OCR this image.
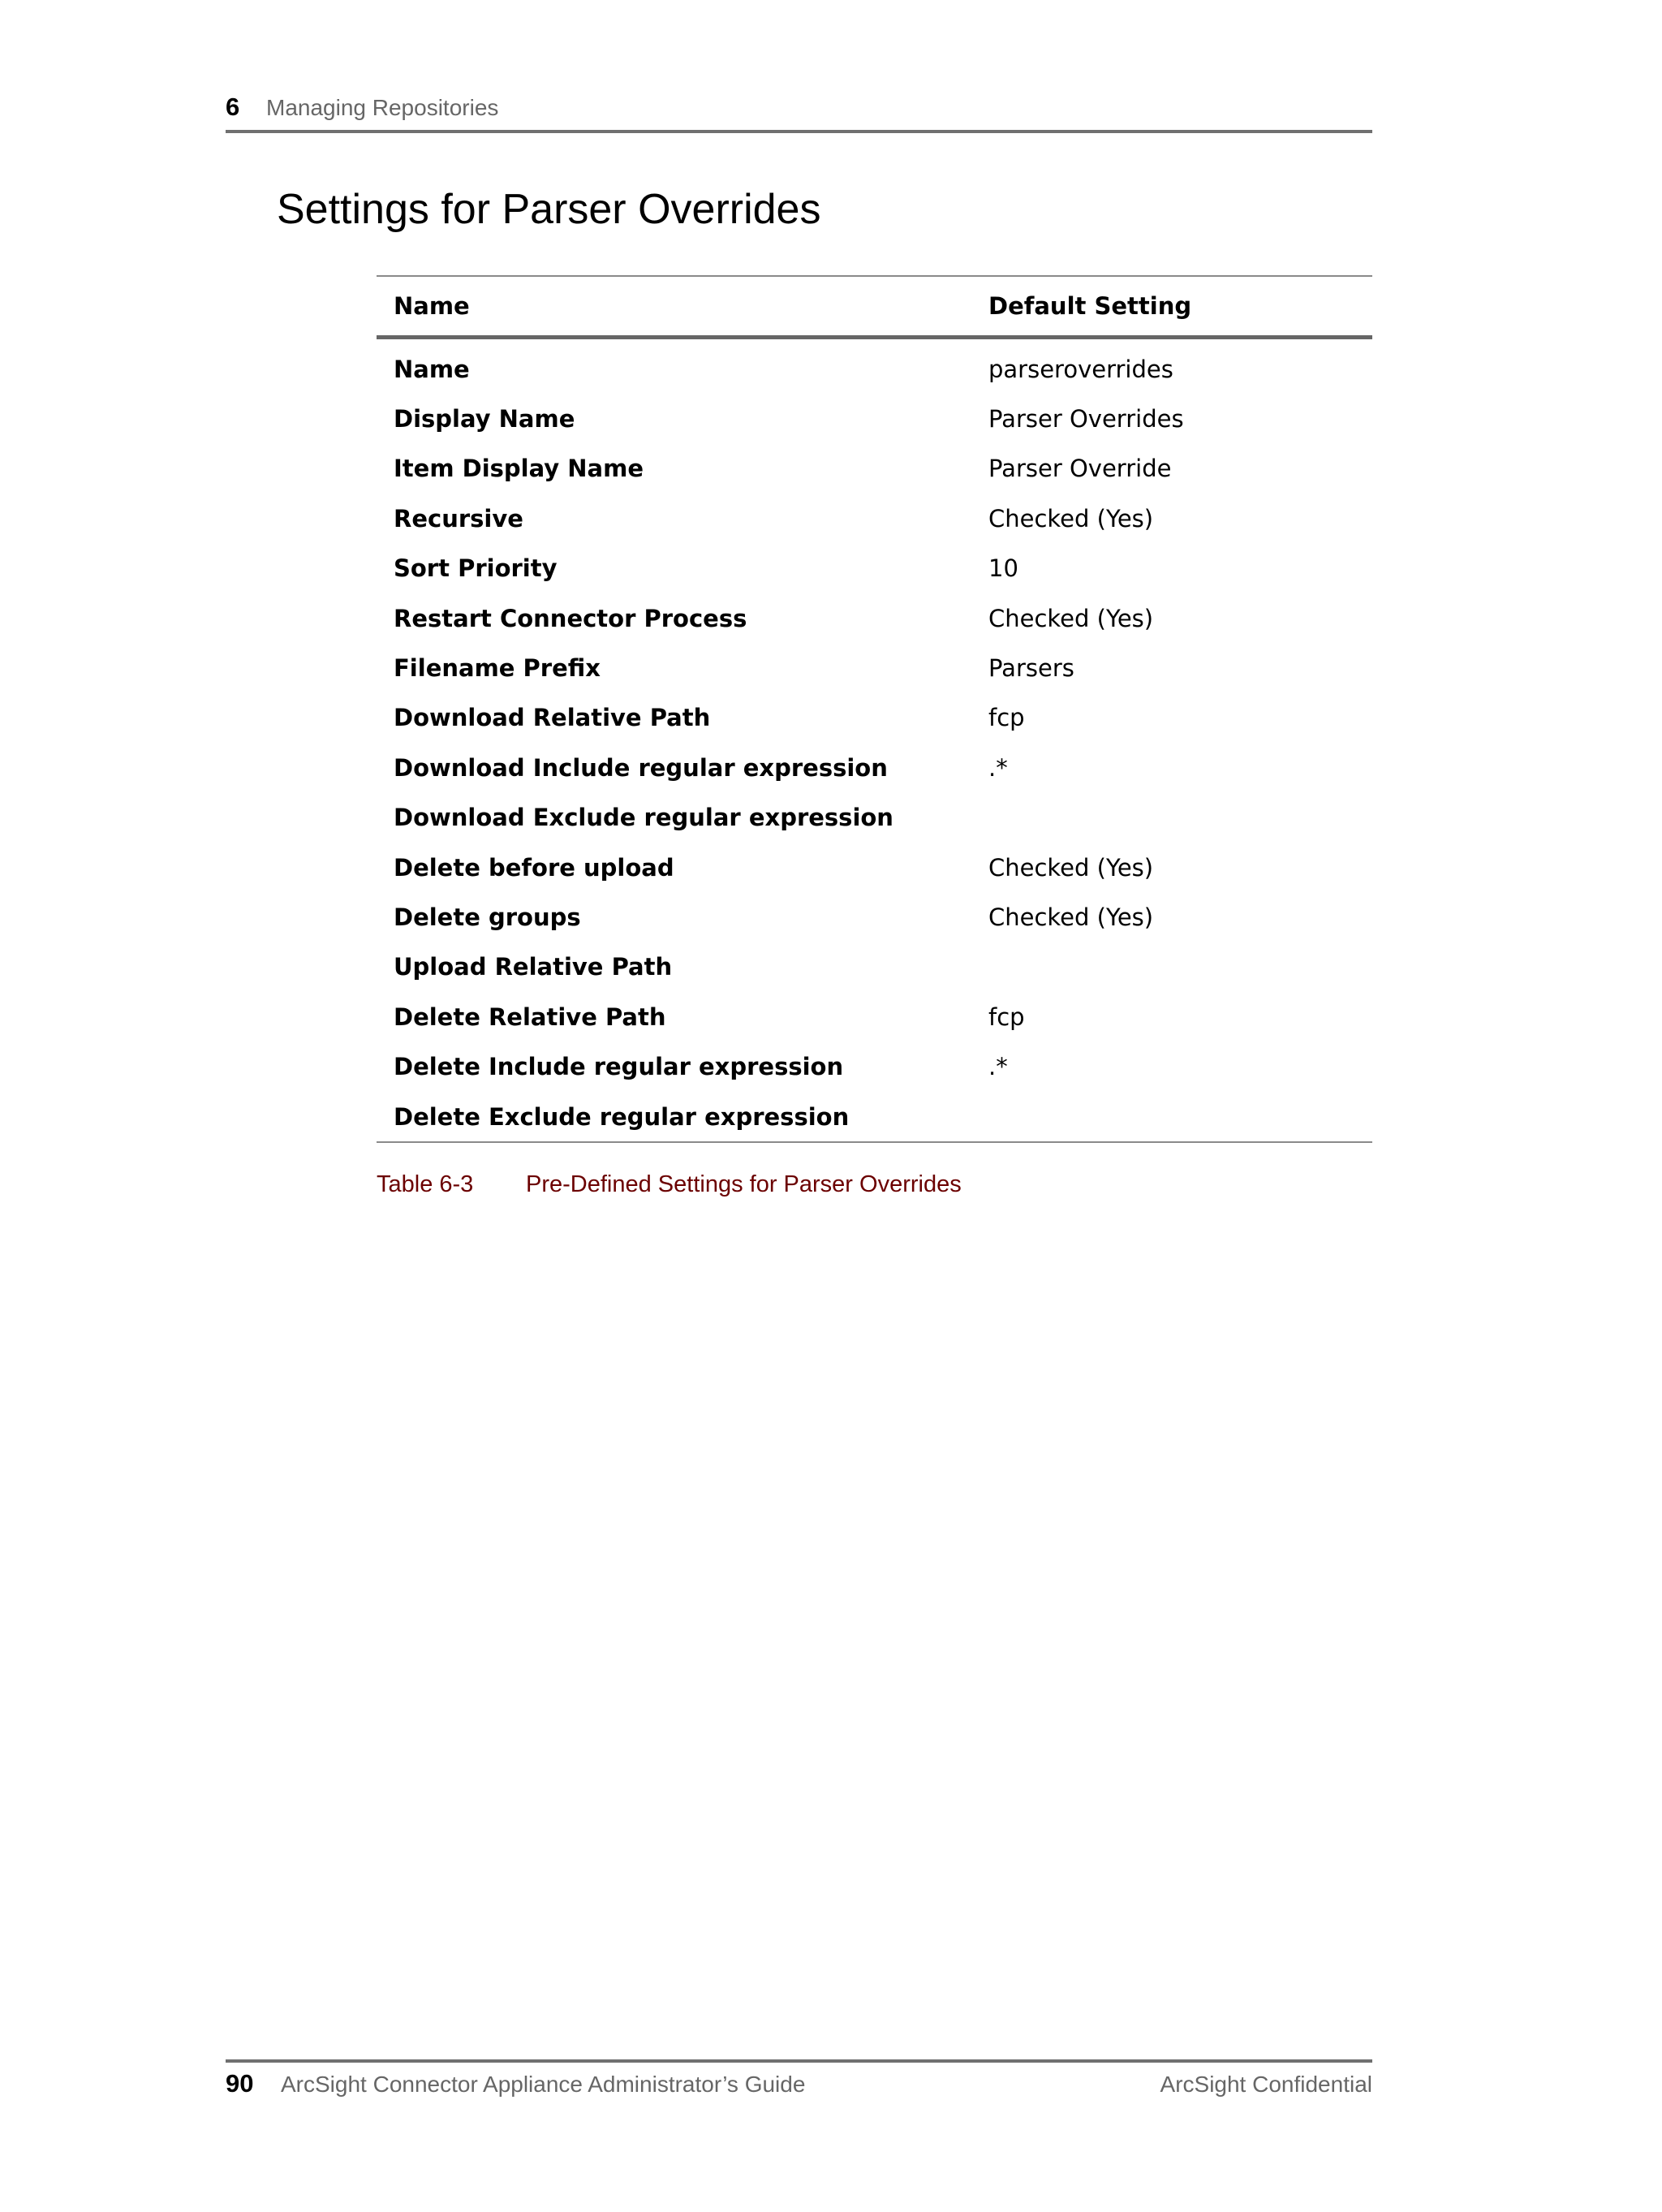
6 Managing Repositories
Settings for Parser Overrides
Name	Default Setting
Name	parseroverrides
Display Name	Parser Overrides
Item Display Name	Parser Override
Recursive	Checked (Yes)
Sort Priority	10
Restart Connector Process	Checked (Yes)
Filename Prefix	Parsers
Download Relative Path	fcp
Download Include regular expression	.*
Download Exclude regular expression	
Delete before upload	Checked (Yes)
Delete groups	Checked (Yes)
Upload Relative Path	
Delete Relative Path	fcp
Delete Include regular expression	.*
Delete Exclude regular expression	
Table 6-3 Pre-Defined Settings for Parser Overrides
90 ArcSight Connector Appliance Administrator’s Guide	ArcSight Confidential
